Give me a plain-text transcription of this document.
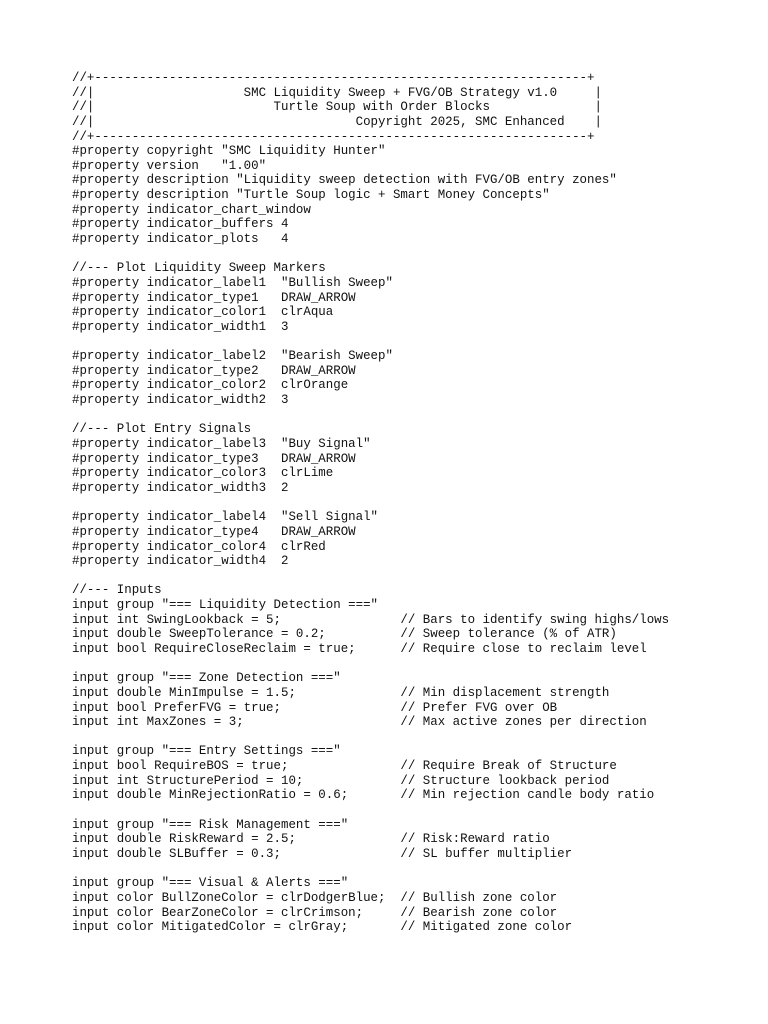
//+------------------------------------------------------------------+
//|                    SMC Liquidity Sweep + FVG/OB Strategy v1.0     |
//|                        Turtle Soup with Order Blocks              |
//|                                   Copyright 2025, SMC Enhanced    |
//+------------------------------------------------------------------+
#property copyright "SMC Liquidity Hunter"
#property version   "1.00"
#property description "Liquidity sweep detection with FVG/OB entry zones"
#property description "Turtle Soup logic + Smart Money Concepts"
#property indicator_chart_window
#property indicator_buffers 4
#property indicator_plots   4
//--- Plot Liquidity Sweep Markers
#property indicator_label1  "Bullish Sweep"
#property indicator_type1   DRAW_ARROW
#property indicator_color1  clrAqua
#property indicator_width1  3
#property indicator_label2  "Bearish Sweep"
#property indicator_type2   DRAW_ARROW
#property indicator_color2  clrOrange
#property indicator_width2  3
//--- Plot Entry Signals
#property indicator_label3  "Buy Signal"
#property indicator_type3   DRAW_ARROW
#property indicator_color3  clrLime
#property indicator_width3  2
#property indicator_label4  "Sell Signal"
#property indicator_type4   DRAW_ARROW
#property indicator_color4  clrRed
#property indicator_width4  2
//--- Inputs
input group "=== Liquidity Detection ==="
input int SwingLookback = 5;                // Bars to identify swing highs/lows
input double SweepTolerance = 0.2;          // Sweep tolerance (% of ATR)
input bool RequireCloseReclaim = true;      // Require close to reclaim level
input group "=== Zone Detection ==="
input double MinImpulse = 1.5;              // Min displacement strength
input bool PreferFVG = true;                // Prefer FVG over OB
input int MaxZones = 3;                     // Max active zones per direction
input group "=== Entry Settings ==="
input bool RequireBOS = true;               // Require Break of Structure
input int StructurePeriod = 10;             // Structure lookback period
input double MinRejectionRatio = 0.6;       // Min rejection candle body ratio
input group "=== Risk Management ==="
input double RiskReward = 2.5;              // Risk:Reward ratio
input double SLBuffer = 0.3;                // SL buffer multiplier
input group "=== Visual & Alerts ==="
input color BullZoneColor = clrDodgerBlue;  // Bullish zone color
input color BearZoneColor = clrCrimson;     // Bearish zone color
input color MitigatedColor = clrGray;       // Mitigated zone color
